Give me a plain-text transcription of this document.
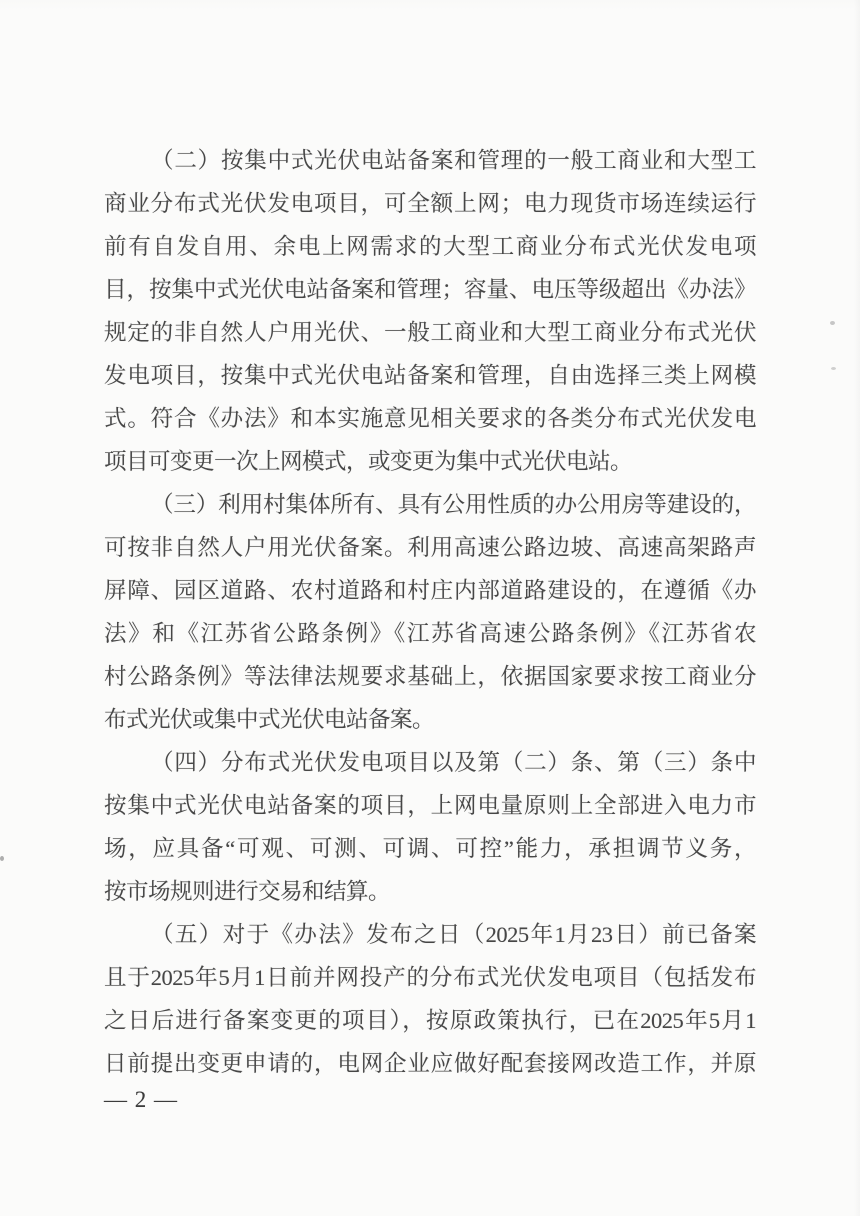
（二）按集中式光伏电站备案和管理的一般工商业和大型工
商业分布式光伏发电项目，可全额上网；电力现货市场连续运行
前有自发自用、余电上网需求的大型工商业分布式光伏发电项
目，按集中式光伏电站备案和管理；容量、电压等级超出《办法》
规定的非自然人户用光伏、一般工商业和大型工商业分布式光伏
发电项目，按集中式光伏电站备案和管理，自由选择三类上网模
式。符合《办法》和本实施意见相关要求的各类分布式光伏发电
项目可变更一次上网模式，或变更为集中式光伏电站。
（三）利用村集体所有、具有公用性质的办公用房等建设的，
可按非自然人户用光伏备案。利用高速公路边坡、高速高架路声
屏障、园区道路、农村道路和村庄内部道路建设的，在遵循《办
法》和《江苏省公路条例》《江苏省高速公路条例》《江苏省农
村公路条例》等法律法规要求基础上，依据国家要求按工商业分
布式光伏或集中式光伏电站备案。
（四）分布式光伏发电项目以及第（二）条、第（三）条中
按集中式光伏电站备案的项目，上网电量原则上全部进入电力市
场，应具备“可观、可测、可调、可控”能力，承担调节义务，
按市场规则进行交易和结算。
（五）对于《办法》发布之日（2025年1月23日）前已备案
且于2025年5月1日前并网投产的分布式光伏发电项目（包括发布
之日后进行备案变更的项目），按原政策执行，已在2025年5月1
日前提出变更申请的，电网企业应做好配套接网改造工作，并原
— 2 —
